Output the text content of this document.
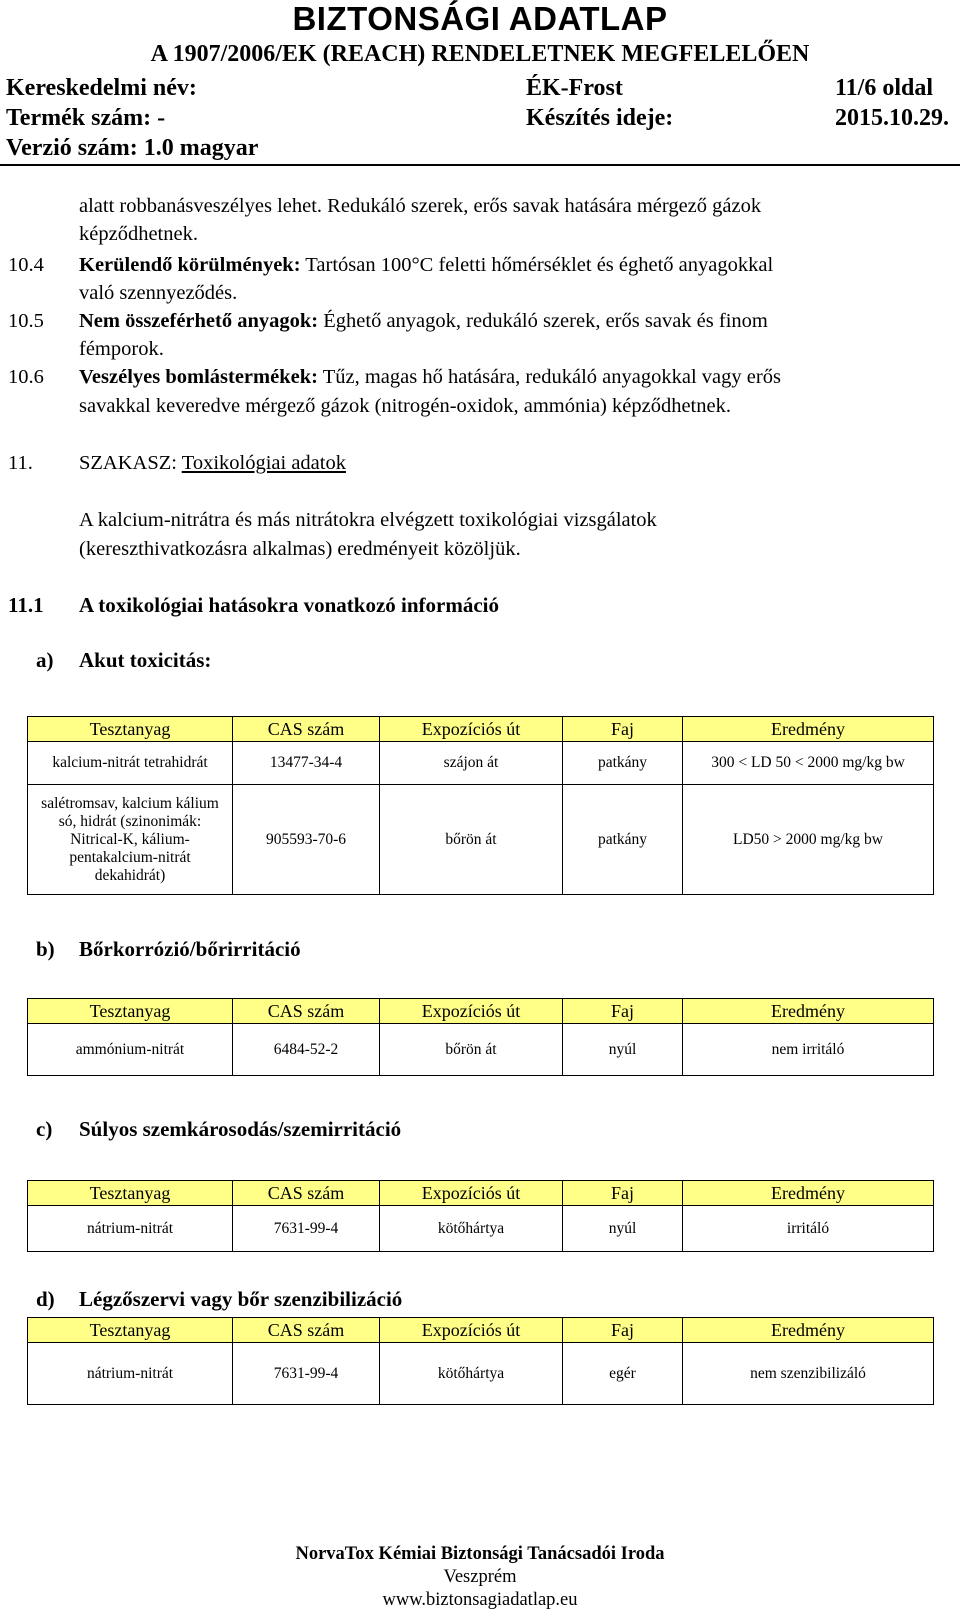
BIZTONSÁGI ADATLAP
A 1907/2006/EK (REACH) RENDELETNEK MEGFELELŐEN
Kereskedelmi név:	ÉK-Frost	11/6 oldal
Termék szám: -	Készítés ideje:	2015.10.29.
Verzió szám: 1.0 magyar
alatt robbanásveszélyes lehet. Redukáló szerek, erős savak hatására mérgező gázok
képződhetnek.
10.4	Kerülendő körülmények: Tartósan 100°C feletti hőmérséklet és éghető anyagokkal
való szennyeződés.
10.5	Nem összeférhető anyagok: Éghető anyagok, redukáló szerek, erős savak és finom
fémporok.
10.6	Veszélyes bomlástermékek: Tűz, magas hő hatására, redukáló anyagokkal vagy erős
savakkal keveredve mérgező gázok (nitrogén-oxidok, ammónia) képződhetnek.
11.	SZAKASZ: Toxikológiai adatok
A kalcium-nitrátra és más nitrátokra elvégzett toxikológiai vizsgálatok
(kereszthivatkozásra alkalmas) eredményeit közöljük.
11.1 A toxikológiai hatásokra vonatkozó információ
a) Akut toxicitás:
Tesztanyag	CAS szám	Expozíciós út	Faj	Eredmény
kalcium-nitrát tetrahidrát	13477-34-4	szájon át	patkány	300 < LD 50 < 2000 mg/kg bw
salétromsav, kalcium kálium só, hidrát (szinonimák: Nitrical-K, kálium-pentakalcium-nitrát dekahidrát)	905593-70-6	bőrön át	patkány	LD50 > 2000 mg/kg bw
b) Bőrkorrózió/bőrirritáció
Tesztanyag	CAS szám	Expozíciós út	Faj	Eredmény
ammónium-nitrát	6484-52-2	bőrön át	nyúl	nem irritáló
c) Súlyos szemkárosodás/szemirritáció
Tesztanyag	CAS szám	Expozíciós út	Faj	Eredmény
nátrium-nitrát	7631-99-4	kötőhártya	nyúl	irritáló
d) Légzőszervi vagy bőr szenzibilizáció
Tesztanyag	CAS szám	Expozíciós út	Faj	Eredmény
nátrium-nitrát	7631-99-4	kötőhártya	egér	nem szenzibilizáló
NorvaTox Kémiai Biztonsági Tanácsadói Iroda
Veszprém
www.biztonsagiadatlap.eu
